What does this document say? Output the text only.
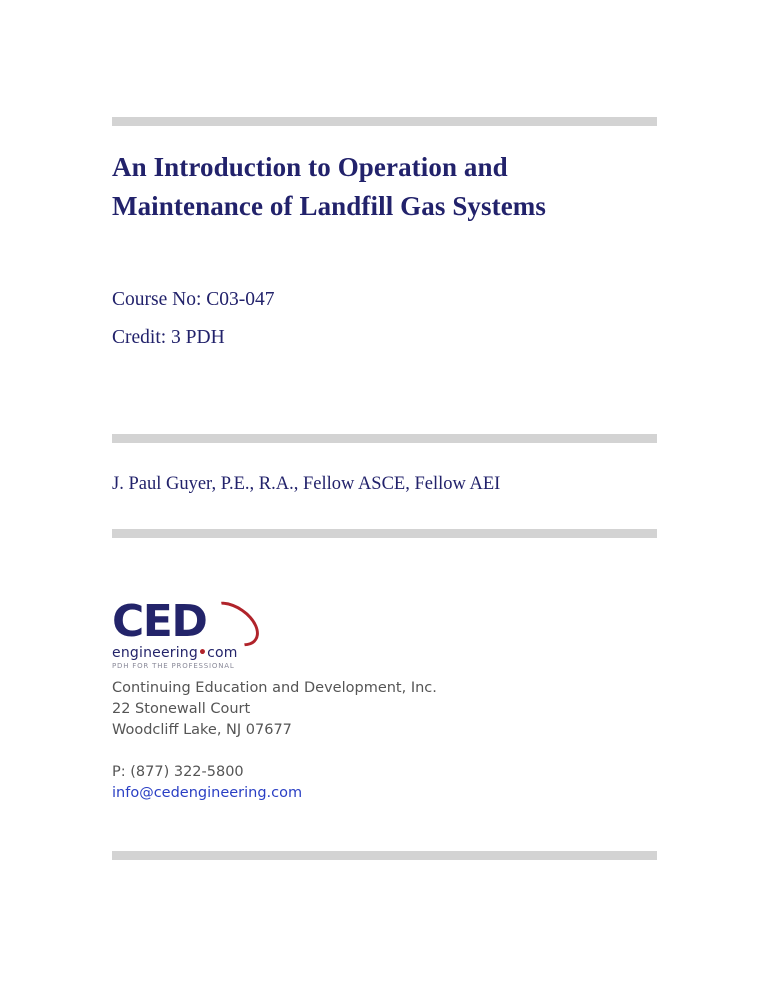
An Introduction to Operation and Maintenance of Landfill Gas Systems

Course No: C03-047

Credit: 3 PDH

J. Paul Guyer, P.E., R.A., Fellow ASCE, Fellow AEI
CED
engineering•com
PDH FOR THE PROFESSIONAL
Continuing Education and Development, Inc.
22 Stonewall Court
Woodcliff Lake, NJ 07677
P: (877) 322-5800
info@cedengineering.com
